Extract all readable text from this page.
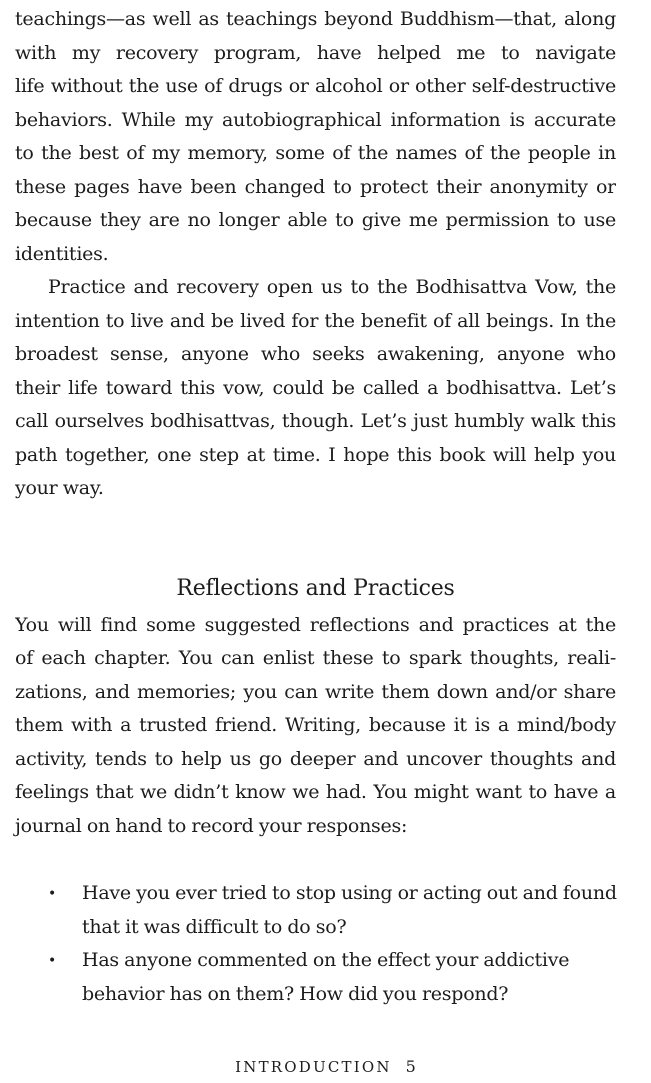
teachings—as well as teachings beyond Buddhism—that, along
with my recovery program, have helped me to navigate
life without the use of drugs or alcohol or other self-destructive
behaviors. While my autobiographical information is accurate
to the best of my memory, some of the names of the people in
these pages have been changed to protect their anonymity or
because they are no longer able to give me permission to use
identities.
Practice and recovery open us to the Bodhisattva Vow, the
intention to live and be lived for the benefit of all beings. In the
broadest sense, anyone who seeks awakening, anyone who
their life toward this vow, could be called a bodhisattva. Let’s
call ourselves bodhisattvas, though. Let’s just humbly walk this
path together, one step at time. I hope this book will help you
your way.
Reflections and Practices
You will find some suggested reflections and practices at the
of each chapter. You can enlist these to spark thoughts, reali-
zations, and memories; you can write them down and/or share
them with a trusted friend. Writing, because it is a mind/body
activity, tends to help us go deeper and uncover thoughts and
feelings that we didn’t know we had. You might want to have a
journal on hand to record your responses:
• Have you ever tried to stop using or acting out and found
that it was difficult to do so?
• Has anyone commented on the effect your addictive
behavior has on them? How did you respond?
INTRODUCTION 5
